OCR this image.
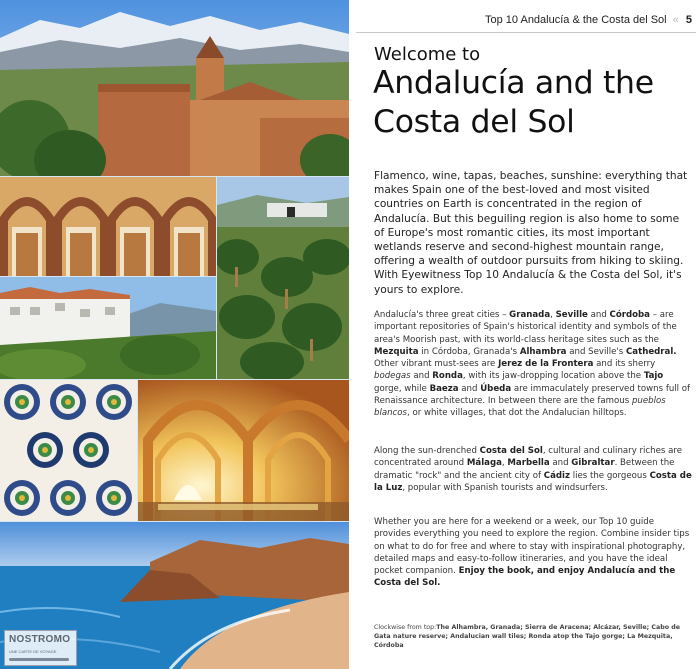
NOSTROMO
UNE CARTE DE VOYAGE
Top 10 Andalucía & the Costa del Sol « 5
Welcome to
Andalucía and the Costa del Sol

Flamenco, wine, tapas, beaches, sunshine: everything that makes Spain one of the best-loved and most visited countries on Earth is concentrated in the region of Andalucía. But this beguiling region is also home to some of Europe's most romantic cities, its most important wetlands reserve and second-highest mountain range, offering a wealth of outdoor pursuits from hiking to skiing. With Eyewitness Top 10 Andalucía & the Costa del Sol, it's yours to explore.

Andalucía's three great cities – Granada, Seville and Córdoba – are important repositories of Spain's historical identity and symbols of the area's Moorish past, with its world-class heritage sites such as the Mezquita in Córdoba, Granada's Alhambra and Seville's Cathedral. Other vibrant must-sees are Jerez de la Frontera and its sherry bodegas and Ronda, with its jaw-dropping location above the Tajo gorge, while Baeza and Úbeda are immaculately preserved towns full of Renaissance architecture. In between there are the famous pueblos blancos, or white villages, that dot the Andalucian hilltops.

Along the sun-drenched Costa del Sol, cultural and culinary riches are concentrated around Málaga, Marbella and Gibraltar. Between the dramatic "rock" and the ancient city of Cádiz lies the gorgeous Costa de la Luz, popular with Spanish tourists and windsurfers.

Whether you are here for a weekend or a week, our Top 10 guide provides everything you need to explore the region. Combine insider tips on what to do for free and where to stay with inspirational photography, detailed maps and easy-to-follow itineraries, and you have the ideal pocket companion. Enjoy the book, and enjoy Andalucía and the Costa del Sol.

Clockwise from top:The Alhambra, Granada; Sierra de Aracena; Alcázar, Seville; Cabo de Gata nature reserve; Andalucian wall tiles; Ronda atop the Tajo gorge; La Mezquita, Córdoba
